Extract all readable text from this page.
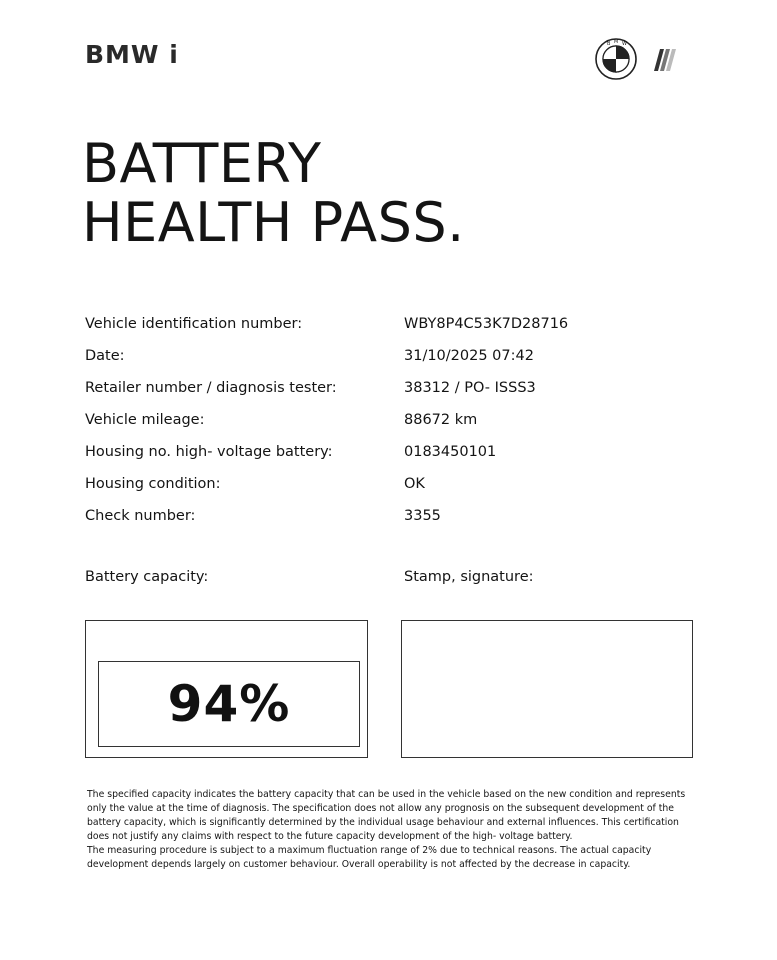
BMW i	B M W
BATTERY
HEALTH PASS.
Vehicle identification number:	WBY8P4C53K7D28716
Date:	31/10/2025 07:42
Retailer number / diagnosis tester:	38312 / PO- ISSS3
Vehicle mileage:	88672 km
Housing no. high- voltage battery:	0183450101
Housing condition:	OK
Check number:	3355
Battery capacity:	Stamp, signature:
94%

The specified capacity indicates the battery capacity that can be used in the vehicle based on the new condition and represents only the value at the time of diagnosis. The specification does not allow any prognosis on the subsequent development of the battery capacity, which is significantly determined by the individual usage behaviour and external influences. This certification does not justify any claims with respect to the future capacity development of the high- voltage battery.

The measuring procedure is subject to a maximum fluctuation range of 2% due to technical reasons. The actual capacity development depends largely on customer behaviour. Overall operability is not affected by the decrease in capacity.
